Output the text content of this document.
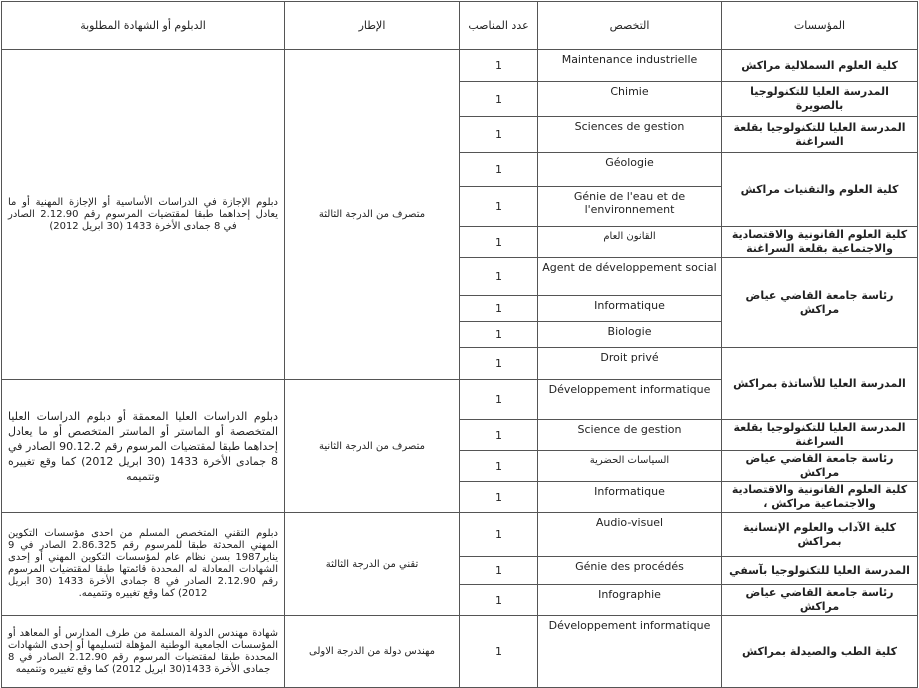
المؤسسات	التخصص	عدد المناصب	الإطار	الدبلوم أو الشهادة المطلوبة
كلية العلوم السملالية مراكش	Maintenance industrielle	1	متصرف من الدرجة الثالثة	دبلوم الإجازة في الدراسات الأساسية أو الإجازة المهنية أو ما يعادل إحداهما طبقا لمقتضيات المرسوم رقم 2.12.90 الصادر في 8 جمادى الأخرة 1433 (30 ابريل 2012)
المدرسة العليا للتكنولوجيا بالصويرة	Chimie	1		
المدرسة العليا للتكنولوجيا بقلعة السراغنة	Sciences de gestion	1		
كلية العلوم والتقنيات مراكش	Géologie	1		
	Génie de l'eau et de l'environnement	1		
كلية العلوم القانونية والاقتصادية والاجتماعية بقلعة السراغنة	القانون العام	1		
رئاسة جامعة القاضي عياض مراكش	Agent de développement social	1		
	Informatique	1		
	Biologie	1		
المدرسة العليا للأساتذة بمراكش	Droit privé	1		
	Développement informatique	1	متصرف من الدرجة الثانية	دبلوم الدراسات العليا المعمقة أو دبلوم الدراسات العليا المتخصصة أو الماستر أو الماستر المتخصص أو ما يعادل إحداهما طبقا لمقتضيات المرسوم رقم 90.12.2 الصادر في 8 جمادى الأخرة 1433 (30 ابريل 2012) كما وقع تغييره وتتميمه
المدرسة العليا للتكنولوجيا بقلعة السراغنة	Science de gestion	1		
رئاسة جامعة القاضي عياض مراكش	السياسات الحضرية	1		
كلية العلوم القانونية والاقتصادية والاجتماعية مراكش ،	Informatique	1		
كلية الآداب والعلوم الإنسانية بمراكش	Audio-visuel	1	تقني من الدرجة الثالثة	دبلوم التقني المتخصص المسلم من احدى مؤسسات التكوين المهني المحدثة طبقا للمرسوم رقم 2.86.325 الصادر في 9 يناير1987 بسن نظام عام لمؤسسات التكوين المهني أو إحدى الشهادات المعادلة له المحددة قائمتها طبقا لمقتضيات المرسوم رقم 2.12.90 الصادر في 8 جمادى الأخرة 1433 (30 ابريل 2012) كما وقع تغييره وتتميمه.
المدرسة العليا للتكنولوجيا بآسفي	Génie des procédés	1		
رئاسة جامعة القاضي عياض مراكش	Infographie	1		
كلية الطب والصيدلة بمراكش	Développement informatique	1	مهندس دولة من الدرجة الاولى	شهادة مهندس الدولة المسلمة من طرف المدارس أو المعاهد أو المؤسسات الجامعية الوطنية المؤهلة لتسليمها أو إحدى الشهادات المحددة طبقا لمقتضيات المرسوم رقم 2.12.90 الصادر في 8 جمادى الأخرة 1433(30 ابريل 2012) كما وقع تغييره وتتميمه
